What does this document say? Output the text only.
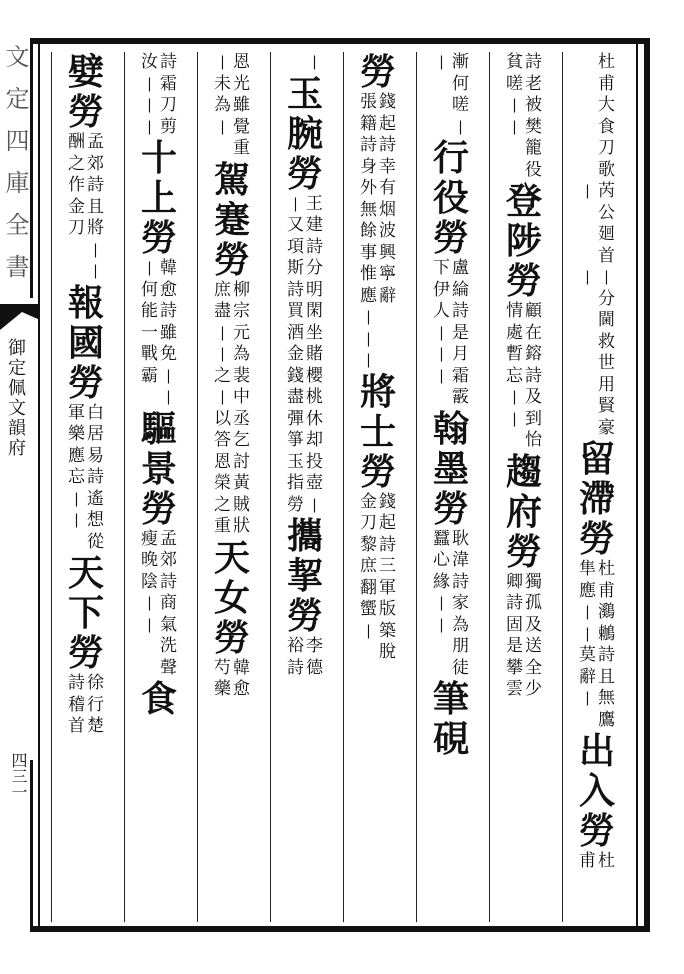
文定四庫全書
御定佩文韻府
四三一
杜
甫
大
食
刀
歌
芮
公
廻
首
|
|
分
閫
救
世
用
賢
豪
|
留
滯
勞
杜
甫
鸂
鶒
詩
且
無
隼
應
|
|
莫
辭
|
鷹
出
入
勞
杜
甫
詩
老
被
樊
籠
役
貧
嗟
|
|
登
陟
勞
顧
在
鎔
詩
及
到
怡
情
處
暫
忘
|
|
趨
府
勞
獨
孤
及
送
全
少
卿
詩
固
是
攀
雲
漸
何
嗟
|
|
行
役
勞
盧
綸
詩
是
月
霜
霰
下
伊
人
|
|
|
翰
墨
勞
耿
湋
詩
家
為
朋
徒
蠶
心
緣
|
|
筆
硯
勞
錢
起
詩
幸
有
烟
波
興
寧
辭
張
籍
詩
身
外
無
餘
事
惟
應
|
|
|
將
士
勞
錢
起
詩
三
軍
版
築
脫
金
刀
黎
庶
翻
蠁
|
|
玉
腕
勞
王
建
詩
分
明
閑
坐
賭
櫻
桃
休
却
投
壺
|
|
又
項
斯
詩
買
酒
金
錢
盡
彈
箏
玉
指
勞
攜
挈
勞
李
德
裕
詩
恩
光
雖
覺
重
|
未
為
|
駕
蹇
勞
柳
宗
元
為
裴
中
丞
乞
討
黃
賊
狀
庶
盡
|
|
之
|
以
答
恩
榮
之
重
天
女
勞
韓
愈
芍
藥
詩
霜
刀
剪
汝
|
|
|
十
上
勞
韓
愈
詩
雖
免
|
|
|
何
能
一
戰
霸
驅
景
勞
孟
郊
詩
商
氣
洗
聲
瘦
晚
陰
|
|
食
嬖
勞
孟
郊
詩
且
將
|
|
酬
之
作
金
刀
報
國
勞
白
居
易
詩
遙
想
從
軍
樂
應
忘
|
|
天
下
勞
徐
行
楚
詩
稽
首
